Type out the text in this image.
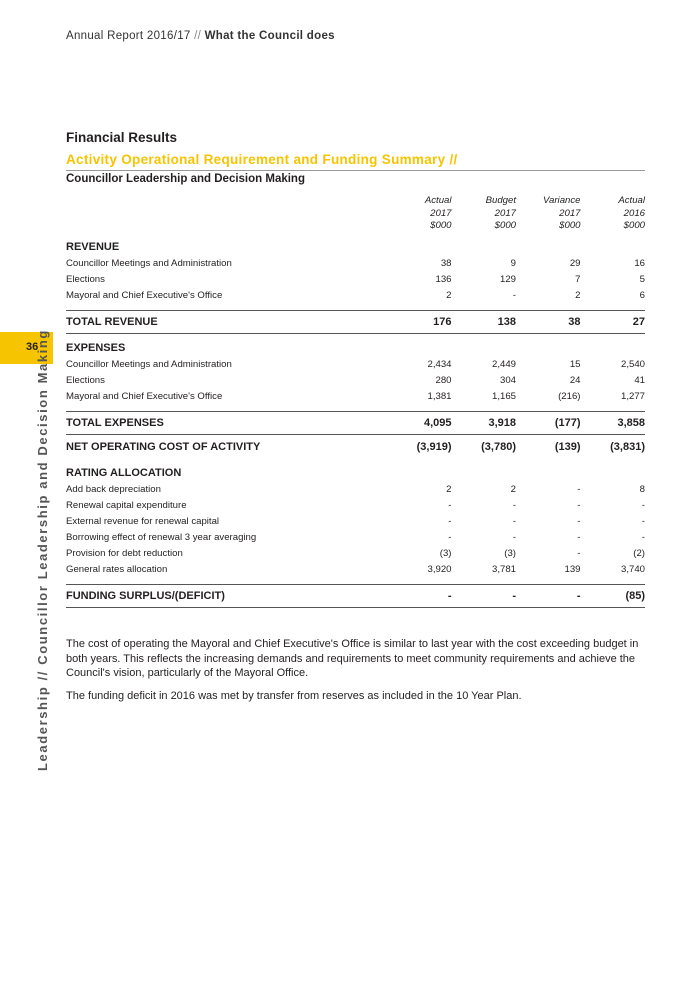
Annual Report 2016/17 // What the Council does
36
Leadership // Councillor Leadership and Decision Making
Financial Results
Activity Operational Requirement and Funding Summary //
Councillor Leadership and Decision Making
	Actual
2017
$000	Budget
2017
$000	Variance
2017
$000	Actual
2016
$000
REVENUE				
Councillor Meetings and Administration	38	9	29	16
Elections	136	129	7	5
Mayoral and Chief Executive's Office	2	-	2	6

TOTAL REVENUE	176	138	38	27
EXPENSES				
Councillor Meetings and Administration	2,434	2,449	15	2,540
Elections	280	304	24	41
Mayoral and Chief Executive's Office	1,381	1,165	(216)	1,277

TOTAL EXPENSES	4,095	3,918	(177)	3,858
NET OPERATING COST OF ACTIVITY	(3,919)	(3,780)	(139)	(3,831)
RATING ALLOCATION				
Add back depreciation	2	2	-	8
Renewal capital expenditure	-	-	-	-
External revenue for renewal capital	-	-	-	-
Borrowing effect of renewal 3 year averaging	-	-	-	-
Provision for debt reduction	(3)	(3)	-	(2)
General rates allocation	3,920	3,781	139	3,740

FUNDING SURPLUS/(DEFICIT)	-	-	-	(85)
The cost of operating the Mayoral and Chief Executive's Office is similar to last year with the cost exceeding budget in both years. This reflects the increasing demands and requirements to meet community requirements and achieve the Council's vision, particularly of the Mayoral Office.
The funding deficit in 2016 was met by transfer from reserves as included in the 10 Year Plan.
